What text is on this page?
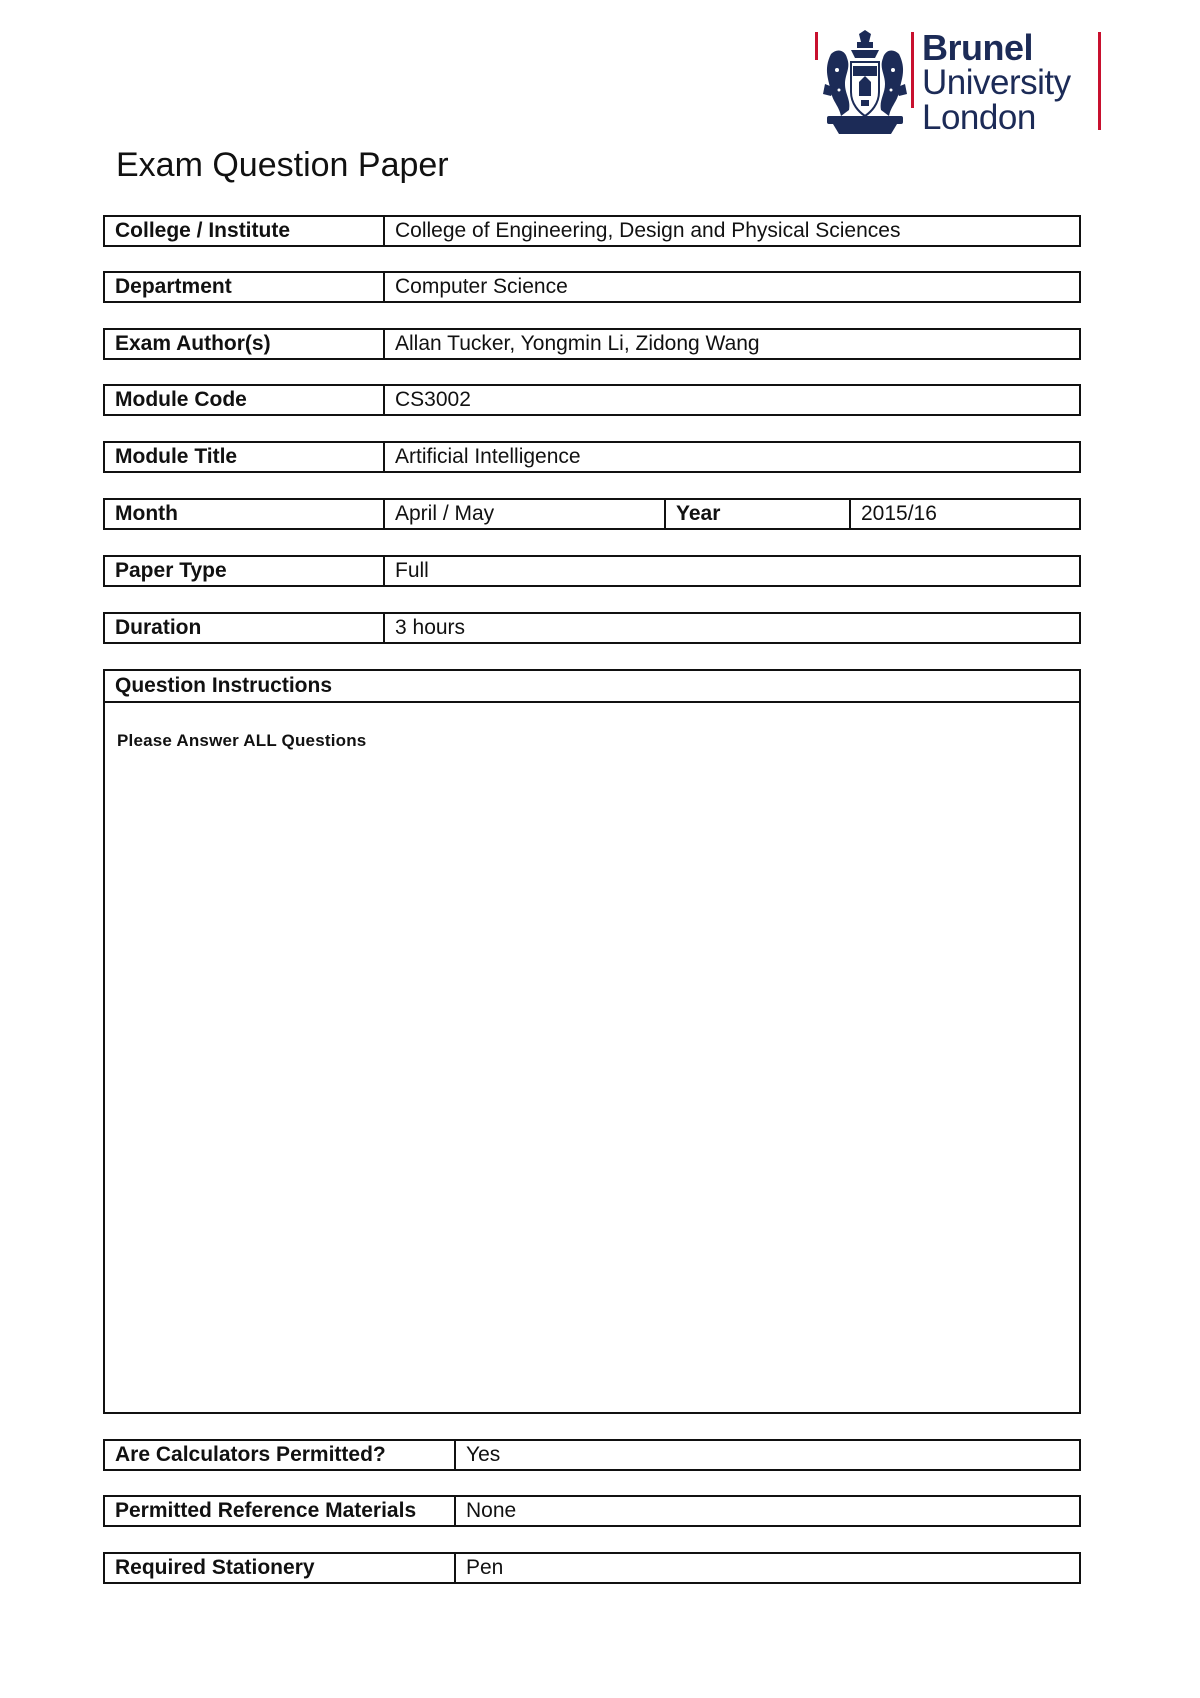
Brunel
University
London
Exam Question Paper
College / Institute	College of Engineering, Design and Physical Sciences
Department	Computer Science
Exam Author(s)	Allan Tucker, Yongmin Li, Zidong Wang
Module Code	CS3002
Module Title	Artificial Intelligence
Month	April / May	Year	2015/16
Paper Type	Full
Duration	3 hours
Question Instructions
Please Answer ALL Questions
Are Calculators Permitted?	Yes
Permitted Reference Materials	None
Required Stationery	Pen
